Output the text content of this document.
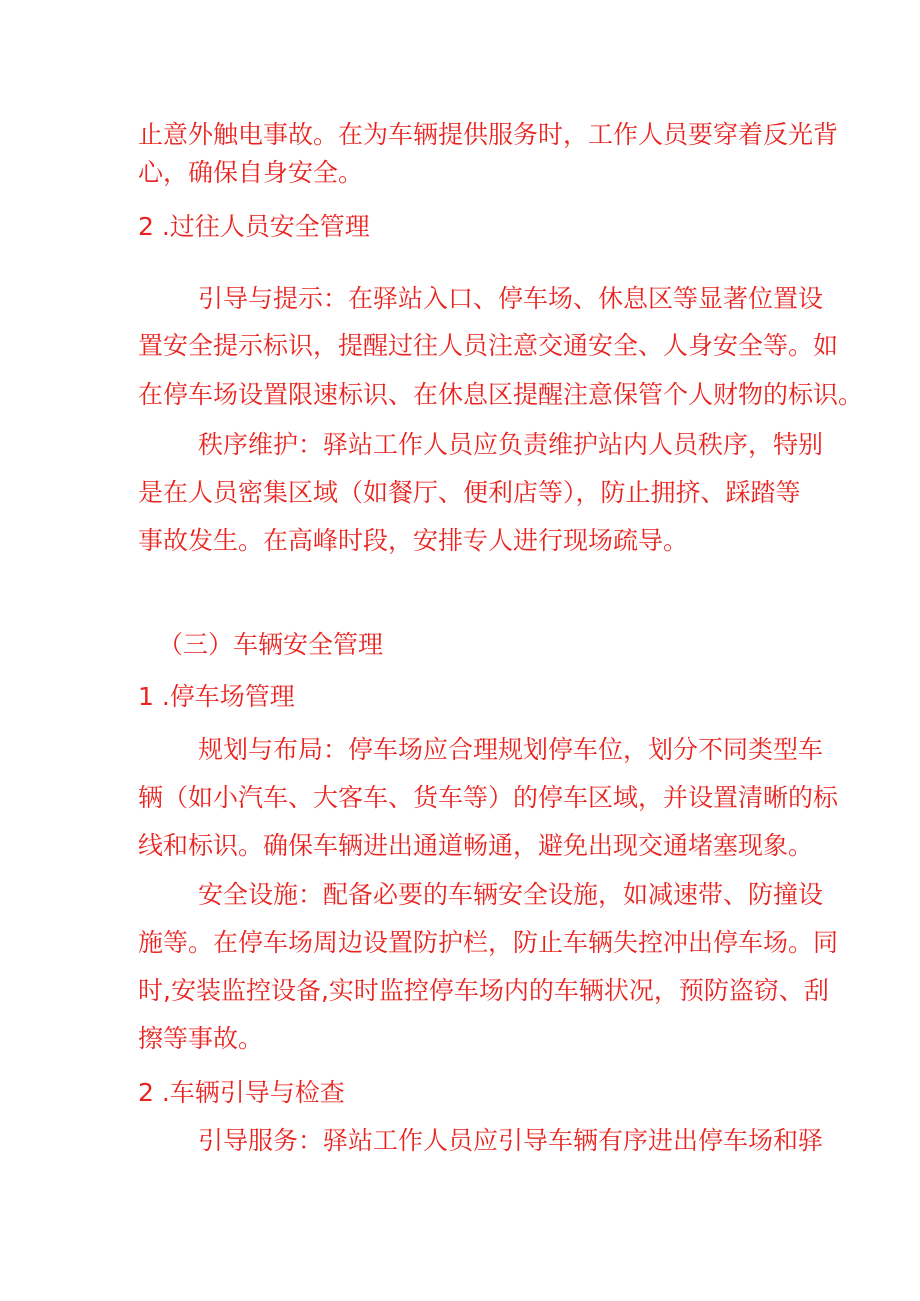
止意外触电事故。在为车辆提供服务时，工作人员要穿着反光背
心，确保自身安全。
2 .过往人员安全管理
引导与提示：在驿站入口、停车场、休息区等显著位置设
置安全提示标识，提醒过往人员注意交通安全、人身安全等。如
在停车场设置限速标识、在休息区提醒注意保管个人财物的标识。
秩序维护：驿站工作人员应负责维护站内人员秩序，特别
是在人员密集区域（如餐厅、便利店等），防止拥挤、踩踏等
事故发生。在高峰时段，安排专人进行现场疏导。
（三）车辆安全管理
1 .停车场管理
规划与布局：停车场应合理规划停车位，划分不同类型车
辆（如小汽车、大客车、货车等）的停车区域，并设置清晰的标
线和标识。确保车辆进出通道畅通，避免出现交通堵塞现象。
安全设施：配备必要的车辆安全设施，如减速带、防撞设
施等。在停车场周边设置防护栏，防止车辆失控冲出停车场。同
时,安装监控设备,实时监控停车场内的车辆状况，预防盗窃、刮
擦等事故。
2 .车辆引导与检查
引导服务：驿站工作人员应引导车辆有序进出停车场和驿
